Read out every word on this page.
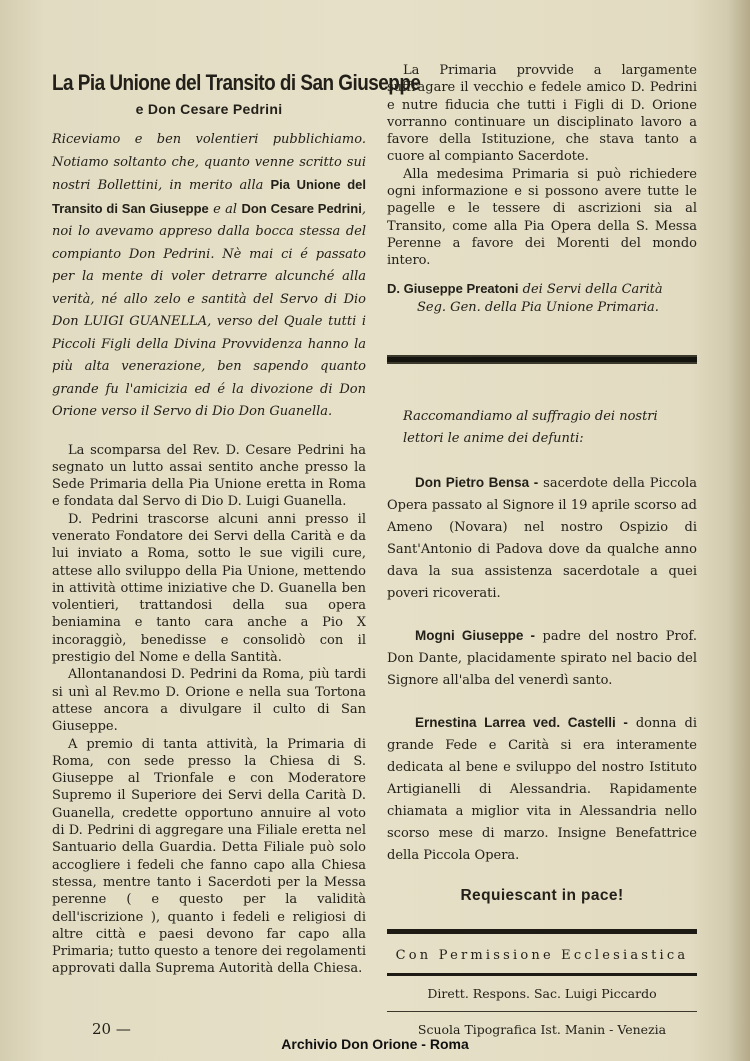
La Pia Unione del Transito di San Giuseppe
e Don Cesare Pedrini
Riceviamo e ben volentieri pubblichiamo. Notiamo soltanto che, quanto venne scritto sui nostri Bollettini, in merito alla Pia Unione del Transito di San Giuseppe e al Don Cesare Pedrini, noi lo avevamo appreso dalla bocca stessa del compianto Don Pedrini. Nè mai ci é passato per la mente di voler detrarre alcunché alla verità, né allo zelo e santità del Servo di Dio Don LUIGI GUANELLA, verso del Quale tutti i Piccoli Figli della Divina Provvidenza hanno la più alta venerazione, ben sapendo quanto grande fu l'amicizia ed é la divozione di Don Orione verso il Servo di Dio Don Guanella.

La scomparsa del Rev. D. Cesare Pedrini ha segnato un lutto assai sentito anche presso la Sede Primaria della Pia Unione eretta in Roma e fondata dal Servo di Dio D. Luigi Guanella.

D. Pedrini trascorse alcuni anni presso il venerato Fondatore dei Servi della Carità e da lui inviato a Roma, sotto le sue vigili cure, attese allo sviluppo della Pia Unione, mettendo in attività ottime iniziative che D. Guanella ben volentieri, trattandosi della sua opera beniamina e tanto cara anche a Pio X incoraggiò, benedisse e consolidò con il prestigio del Nome e della Santità.

Allontanandosi D. Pedrini da Roma, più tardi si unì al Rev.mo D. Orione e nella sua Tortona attese ancora a divulgare il culto di San Giuseppe.

A premio di tanta attività, la Primaria di Roma, con sede presso la Chiesa di S. Giuseppe al Trionfale e con Moderatore Supremo il Superiore dei Servi della Carità D. Guanella, credette opportuno annuire al voto di D. Pedrini di aggregare una Filiale eretta nel Santuario della Guardia. Detta Filiale può solo accogliere i fedeli che fanno capo alla Chiesa stessa, mentre tanto i Sacerdoti per la Messa perenne ( e questo per la validità dell'iscrizione ), quanto i fedeli e religiosi di altre città e paesi devono far capo alla Primaria; tutto questo a tenore dei regolamenti approvati dalla Suprema Autorità della Chiesa.

La Primaria provvide a largamente suffragare il vecchio e fedele amico D. Pedrini e nutre fiducia che tutti i Figli di D. Orione vorranno continuare un disciplinato lavoro a favore della Istituzione, che stava tanto a cuore al compianto Sacerdote.

Alla medesima Primaria si può richiedere ogni informazione e si possono avere tutte le pagelle e le tessere di ascrizioni sia al Transito, come alla Pia Opera della S. Messa Perenne a favore dei Morenti del mondo intero.

D. Giuseppe Preatoni dei Servi della Carità
Seg. Gen. della Pia Unione Primaria.
Raccomandiamo al suffragio dei nostri lettori le anime dei defunti:
Don Pietro Bensa - sacerdote della Piccola Opera passato al Signore il 19 aprile scorso ad Ameno (Novara) nel nostro Ospizio di Sant'Antonio di Padova dove da qualche anno dava la sua assistenza sacerdotale a quei poveri ricoverati.
Mogni Giuseppe - padre del nostro Prof. Don Dante, placidamente spirato nel bacio del Signore all'alba del venerdì santo.
Ernestina Larrea ved. Castelli - donna di grande Fede e Carità si era interamente dedicata al bene e sviluppo del nostro Istituto Artigianelli di Alessandria. Rapidamente chiamata a miglior vita in Alessandria nello scorso mese di marzo. Insigne Benefattrice della Piccola Opera.
Requiescant in pace!
Con Permissione Ecclesiastica
Dirett. Respons. Sac. Luigi Piccardo
Scuola Tipografica Ist. Manin - Venezia
20 —
Archivio Don Orione - Roma
